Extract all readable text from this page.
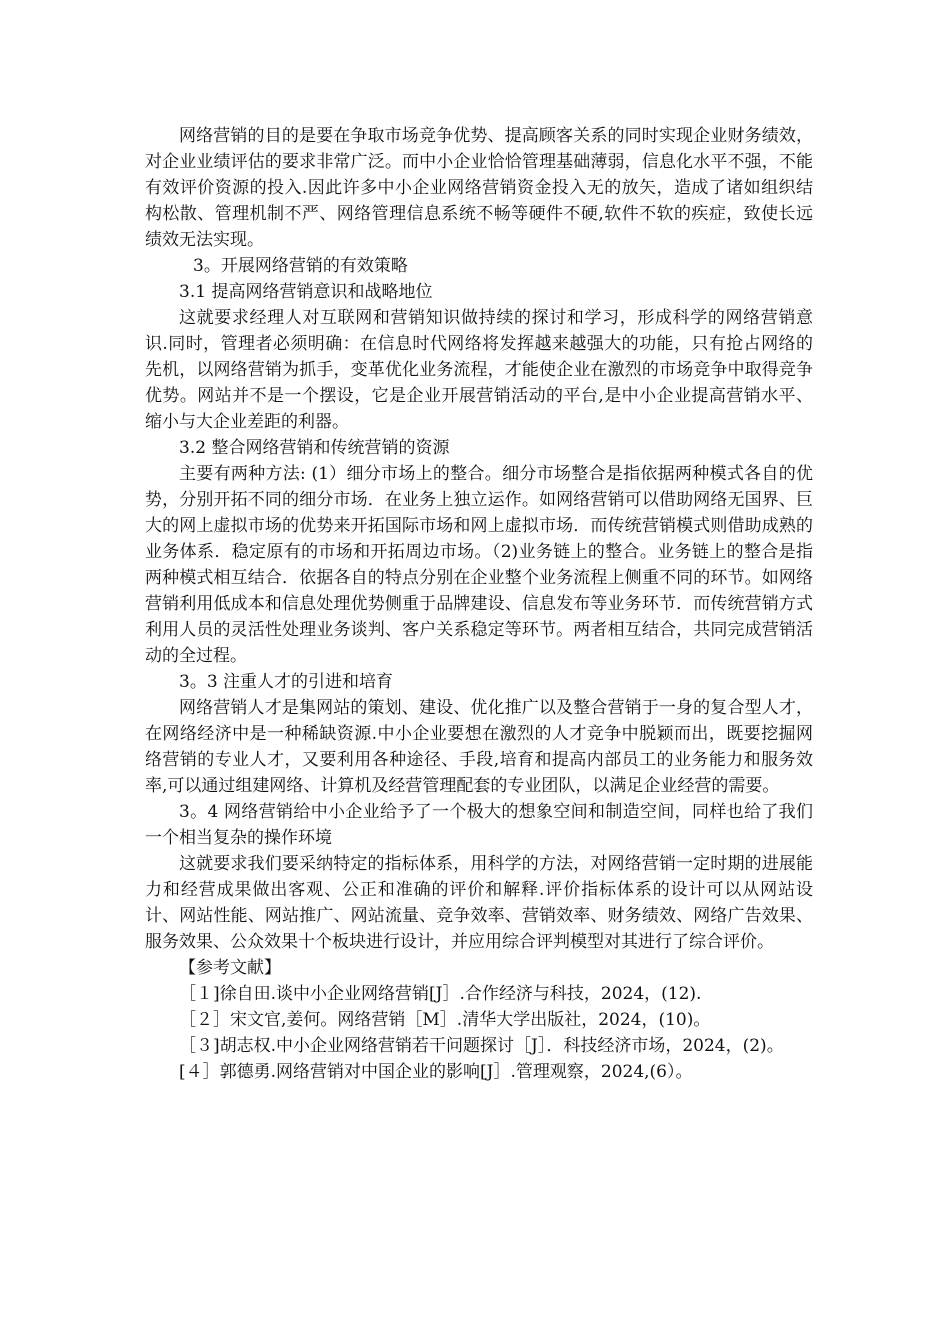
网络营销的目的是要在争取市场竞争优势、提高顾客关系的同时实现企业财务绩效，对企业业绩评估的要求非常广泛。而中小企业恰恰管理基础薄弱，信息化水平不强，不能有效评价资源的投入.因此许多中小企业网络营销资金投入无的放矢，造成了诸如组织结构松散、管理机制不严、网络管理信息系统不畅等硬件不硬,软件不软的疾症，致使长远绩效无法实现。

3。开展网络营销的有效策略

3.1 提高网络营销意识和战略地位

这就要求经理人对互联网和营销知识做持续的探讨和学习，形成科学的网络营销意识.同时，管理者必须明确：在信息时代网络将发挥越来越强大的功能，只有抢占网络的先机，以网络营销为抓手，变革优化业务流程，才能使企业在激烈的市场竞争中取得竞争优势。网站并不是一个摆设，它是企业开展营销活动的平台,是中小企业提高营销水平、缩小与大企业差距的利器。

3.2 整合网络营销和传统营销的资源

主要有两种方法: (1）细分市场上的整合。细分市场整合是指依据两种模式各自的优势，分别开拓不同的细分市场．在业务上独立运作。如网络营销可以借助网络无国界、巨大的网上虚拟市场的优势来开拓国际市场和网上虚拟市场．而传统营销模式则借助成熟的业务体系．稳定原有的市场和开拓周边市场。（2)业务链上的整合。业务链上的整合是指两种模式相互结合．依据各自的特点分别在企业整个业务流程上侧重不同的环节。如网络营销利用低成本和信息处理优势侧重于品牌建设、信息发布等业务环节．而传统营销方式利用人员的灵活性处理业务谈判、客户关系稳定等环节。两者相互结合，共同完成营销活动的全过程。

3。3 注重人才的引进和培育

网络营销人才是集网站的策划、建设、优化推广以及整合营销于一身的复合型人才，在网络经济中是一种稀缺资源.中小企业要想在激烈的人才竞争中脱颖而出，既要挖掘网络营销的专业人才，又要利用各种途径、手段,培育和提高内部员工的业务能力和服务效率,可以通过组建网络、计算机及经营管理配套的专业团队，以满足企业经营的需要。

3。4 网络营销给中小企业给予了一个极大的想象空间和制造空间，同样也给了我们一个相当复杂的操作环境

这就要求我们要采纳特定的指标体系，用科学的方法，对网络营销一定时期的进展能力和经营成果做出客观、公正和准确的评价和解释.评价指标体系的设计可以从网站设计、网站性能、网站推广、网站流量、竞争效率、营销效率、财务绩效、网络广告效果、服务效果、公众效果十个板块进行设计，并应用综合评判模型对其进行了综合评价。

【参考文献】

［１]徐自田.谈中小企业网络营销[J］.合作经济与科技，2024，(12).

［２］宋文官,姜何。网络营销［M］.清华大学出版社，2024，(10)。

［３]胡志权.中小企业网络营销若干问题探讨［J］．科技经济市场，2024，(2)。

[４］郭德勇.网络营销对中国企业的影响[J］.管理观察，2024,(6）。
